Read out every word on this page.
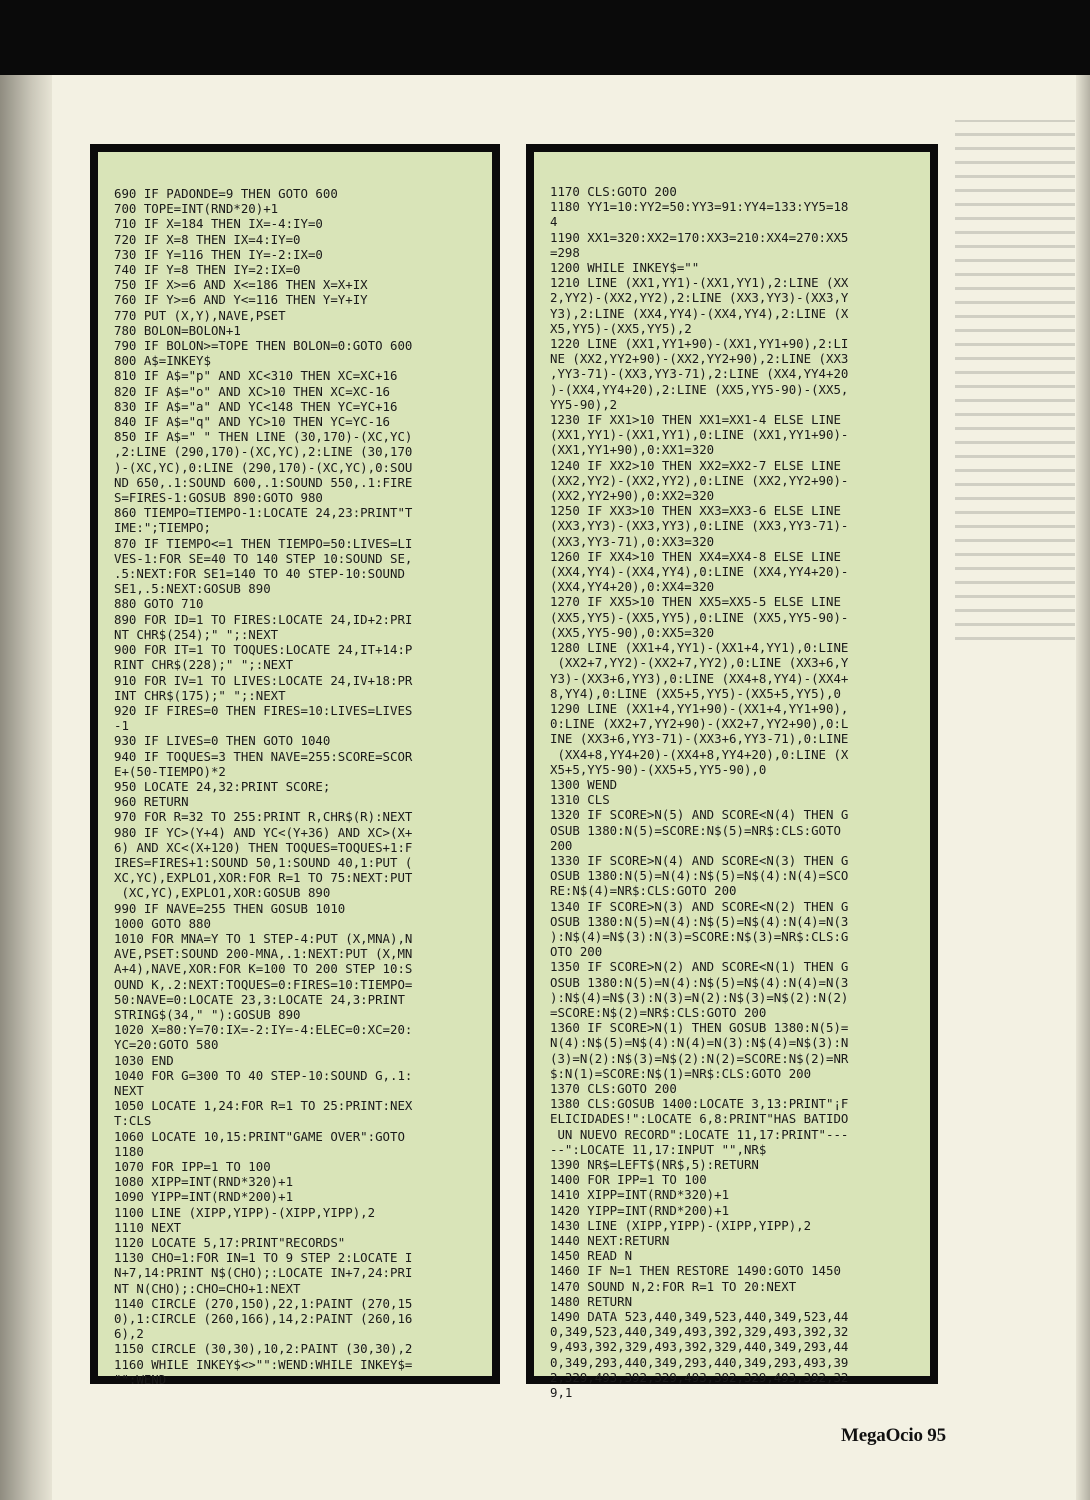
690 IF PADONDE=9 THEN GOTO 600
700 TOPE=INT(RND*20)+1
710 IF X=184 THEN IX=-4:IY=0
720 IF X=8 THEN IX=4:IY=0
730 IF Y=116 THEN IY=-2:IX=0
740 IF Y=8 THEN IY=2:IX=0
750 IF X>=6 AND X<=186 THEN X=X+IX
760 IF Y>=6 AND Y<=116 THEN Y=Y+IY
770 PUT (X,Y),NAVE,PSET
780 BOLON=BOLON+1
790 IF BOLON>=TOPE THEN BOLON=0:GOTO 600
800 A$=INKEY$
810 IF A$="p" AND XC<310 THEN XC=XC+16
820 IF A$="o" AND XC>10 THEN XC=XC-16
830 IF A$="a" AND YC<148 THEN YC=YC+16
840 IF A$="q" AND YC>10 THEN YC=YC-16
850 IF A$=" " THEN LINE (30,170)-(XC,YC)
,2:LINE (290,170)-(XC,YC),2:LINE (30,170
)-(XC,YC),0:LINE (290,170)-(XC,YC),0:SOU
ND 650,.1:SOUND 600,.1:SOUND 550,.1:FIRE
S=FIRES-1:GOSUB 890:GOTO 980
860 TIEMPO=TIEMPO-1:LOCATE 24,23:PRINT"T
IME:";TIEMPO;
870 IF TIEMPO<=1 THEN TIEMPO=50:LIVES=LI
VES-1:FOR SE=40 TO 140 STEP 10:SOUND SE,
.5:NEXT:FOR SE1=140 TO 40 STEP-10:SOUND
SE1,.5:NEXT:GOSUB 890
880 GOTO 710
890 FOR ID=1 TO FIRES:LOCATE 24,ID+2:PRI
NT CHR$(254);" ";:NEXT
900 FOR IT=1 TO TOQUES:LOCATE 24,IT+14:P
RINT CHR$(228);" ";:NEXT
910 FOR IV=1 TO LIVES:LOCATE 24,IV+18:PR
INT CHR$(175);" ";:NEXT
920 IF FIRES=0 THEN FIRES=10:LIVES=LIVES
-1
930 IF LIVES=0 THEN GOTO 1040
940 IF TOQUES=3 THEN NAVE=255:SCORE=SCOR
E+(50-TIEMPO)*2
950 LOCATE 24,32:PRINT SCORE;
960 RETURN
970 FOR R=32 TO 255:PRINT R,CHR$(R):NEXT
980 IF YC>(Y+4) AND YC<(Y+36) AND XC>(X+
6) AND XC<(X+120) THEN TOQUES=TOQUES+1:F
IRES=FIRES+1:SOUND 50,1:SOUND 40,1:PUT (
XC,YC),EXPLO1,XOR:FOR R=1 TO 75:NEXT:PUT
(XC,YC),EXPLO1,XOR:GOSUB 890
990 IF NAVE=255 THEN GOSUB 1010
1000 GOTO 880
1010 FOR MNA=Y TO 1 STEP-4:PUT (X,MNA),N
AVE,PSET:SOUND 200-MNA,.1:NEXT:PUT (X,MN
A+4),NAVE,XOR:FOR K=100 TO 200 STEP 10:S
OUND K,.2:NEXT:TOQUES=0:FIRES=10:TIEMPO=
50:NAVE=0:LOCATE 23,3:LOCATE 24,3:PRINT
STRING$(34," "):GOSUB 890
1020 X=80:Y=70:IX=-2:IY=-4:ELEC=0:XC=20:
YC=20:GOTO 580
1030 END
1040 FOR G=300 TO 40 STEP-10:SOUND G,.1:
NEXT
1050 LOCATE 1,24:FOR R=1 TO 25:PRINT:NEX
T:CLS
1060 LOCATE 10,15:PRINT"GAME OVER":GOTO
1180
1070 FOR IPP=1 TO 100
1080 XIPP=INT(RND*320)+1
1090 YIPP=INT(RND*200)+1
1100 LINE (XIPP,YIPP)-(XIPP,YIPP),2
1110 NEXT
1120 LOCATE 5,17:PRINT"RECORDS"
1130 CHO=1:FOR IN=1 TO 9 STEP 2:LOCATE I
N+7,14:PRINT N$(CHO);:LOCATE IN+7,24:PRI
NT N(CHO);:CHO=CHO+1:NEXT
1140 CIRCLE (270,150),22,1:PAINT (270,15
0),1:CIRCLE (260,166),14,2:PAINT (260,16
6),2
1150 CIRCLE (30,30),10,2:PAINT (30,30),2
1160 WHILE INKEY$<>"":WEND:WHILE INKEY$=
"":WEND
1170 CLS:GOTO 200
1180 YY1=10:YY2=50:YY3=91:YY4=133:YY5=18
4
1190 XX1=320:XX2=170:XX3=210:XX4=270:XX5
=298
1200 WHILE INKEY$=""
1210 LINE (XX1,YY1)-(XX1,YY1),2:LINE (XX
2,YY2)-(XX2,YY2),2:LINE (XX3,YY3)-(XX3,Y
Y3),2:LINE (XX4,YY4)-(XX4,YY4),2:LINE (X
X5,YY5)-(XX5,YY5),2
1220 LINE (XX1,YY1+90)-(XX1,YY1+90),2:LI
NE (XX2,YY2+90)-(XX2,YY2+90),2:LINE (XX3
,YY3-71)-(XX3,YY3-71),2:LINE (XX4,YY4+20
)-(XX4,YY4+20),2:LINE (XX5,YY5-90)-(XX5,
YY5-90),2
1230 IF XX1>10 THEN XX1=XX1-4 ELSE LINE
(XX1,YY1)-(XX1,YY1),0:LINE (XX1,YY1+90)-
(XX1,YY1+90),0:XX1=320
1240 IF XX2>10 THEN XX2=XX2-7 ELSE LINE
(XX2,YY2)-(XX2,YY2),0:LINE (XX2,YY2+90)-
(XX2,YY2+90),0:XX2=320
1250 IF XX3>10 THEN XX3=XX3-6 ELSE LINE
(XX3,YY3)-(XX3,YY3),0:LINE (XX3,YY3-71)-
(XX3,YY3-71),0:XX3=320
1260 IF XX4>10 THEN XX4=XX4-8 ELSE LINE
(XX4,YY4)-(XX4,YY4),0:LINE (XX4,YY4+20)-
(XX4,YY4+20),0:XX4=320
1270 IF XX5>10 THEN XX5=XX5-5 ELSE LINE
(XX5,YY5)-(XX5,YY5),0:LINE (XX5,YY5-90)-
(XX5,YY5-90),0:XX5=320
1280 LINE (XX1+4,YY1)-(XX1+4,YY1),0:LINE
(XX2+7,YY2)-(XX2+7,YY2),0:LINE (XX3+6,Y
Y3)-(XX3+6,YY3),0:LINE (XX4+8,YY4)-(XX4+
8,YY4),0:LINE (XX5+5,YY5)-(XX5+5,YY5),0
1290 LINE (XX1+4,YY1+90)-(XX1+4,YY1+90),
0:LINE (XX2+7,YY2+90)-(XX2+7,YY2+90),0:L
INE (XX3+6,YY3-71)-(XX3+6,YY3-71),0:LINE
(XX4+8,YY4+20)-(XX4+8,YY4+20),0:LINE (X
X5+5,YY5-90)-(XX5+5,YY5-90),0
1300 WEND
1310 CLS
1320 IF SCORE>N(5) AND SCORE<N(4) THEN G
OSUB 1380:N(5)=SCORE:N$(5)=NR$:CLS:GOTO
200
1330 IF SCORE>N(4) AND SCORE<N(3) THEN G
OSUB 1380:N(5)=N(4):N$(5)=N$(4):N(4)=SCO
RE:N$(4)=NR$:CLS:GOTO 200
1340 IF SCORE>N(3) AND SCORE<N(2) THEN G
OSUB 1380:N(5)=N(4):N$(5)=N$(4):N(4)=N(3
):N$(4)=N$(3):N(3)=SCORE:N$(3)=NR$:CLS:G
OTO 200
1350 IF SCORE>N(2) AND SCORE<N(1) THEN G
OSUB 1380:N(5)=N(4):N$(5)=N$(4):N(4)=N(3
):N$(4)=N$(3):N(3)=N(2):N$(3)=N$(2):N(2)
=SCORE:N$(2)=NR$:CLS:GOTO 200
1360 IF SCORE>N(1) THEN GOSUB 1380:N(5)=
N(4):N$(5)=N$(4):N(4)=N(3):N$(4)=N$(3):N
(3)=N(2):N$(3)=N$(2):N(2)=SCORE:N$(2)=NR
$:N(1)=SCORE:N$(1)=NR$:CLS:GOTO 200
1370 CLS:GOTO 200
1380 CLS:GOSUB 1400:LOCATE 3,13:PRINT"¡F
ELICIDADES!":LOCATE 6,8:PRINT"HAS BATIDO
UN NUEVO RECORD":LOCATE 11,17:PRINT"---
--":LOCATE 11,17:INPUT "",NR$
1390 NR$=LEFT$(NR$,5):RETURN
1400 FOR IPP=1 TO 100
1410 XIPP=INT(RND*320)+1
1420 YIPP=INT(RND*200)+1
1430 LINE (XIPP,YIPP)-(XIPP,YIPP),2
1440 NEXT:RETURN
1450 READ N
1460 IF N=1 THEN RESTORE 1490:GOTO 1450
1470 SOUND N,2:FOR R=1 TO 20:NEXT
1480 RETURN
1490 DATA 523,440,349,523,440,349,523,44
0,349,523,440,349,493,392,329,493,392,32
9,493,392,329,493,392,329,440,349,293,44
0,349,293,440,349,293,440,349,293,493,39
2,329,493,392,329,493,392,329,493,392,32
9,1
MegaOcio 95
